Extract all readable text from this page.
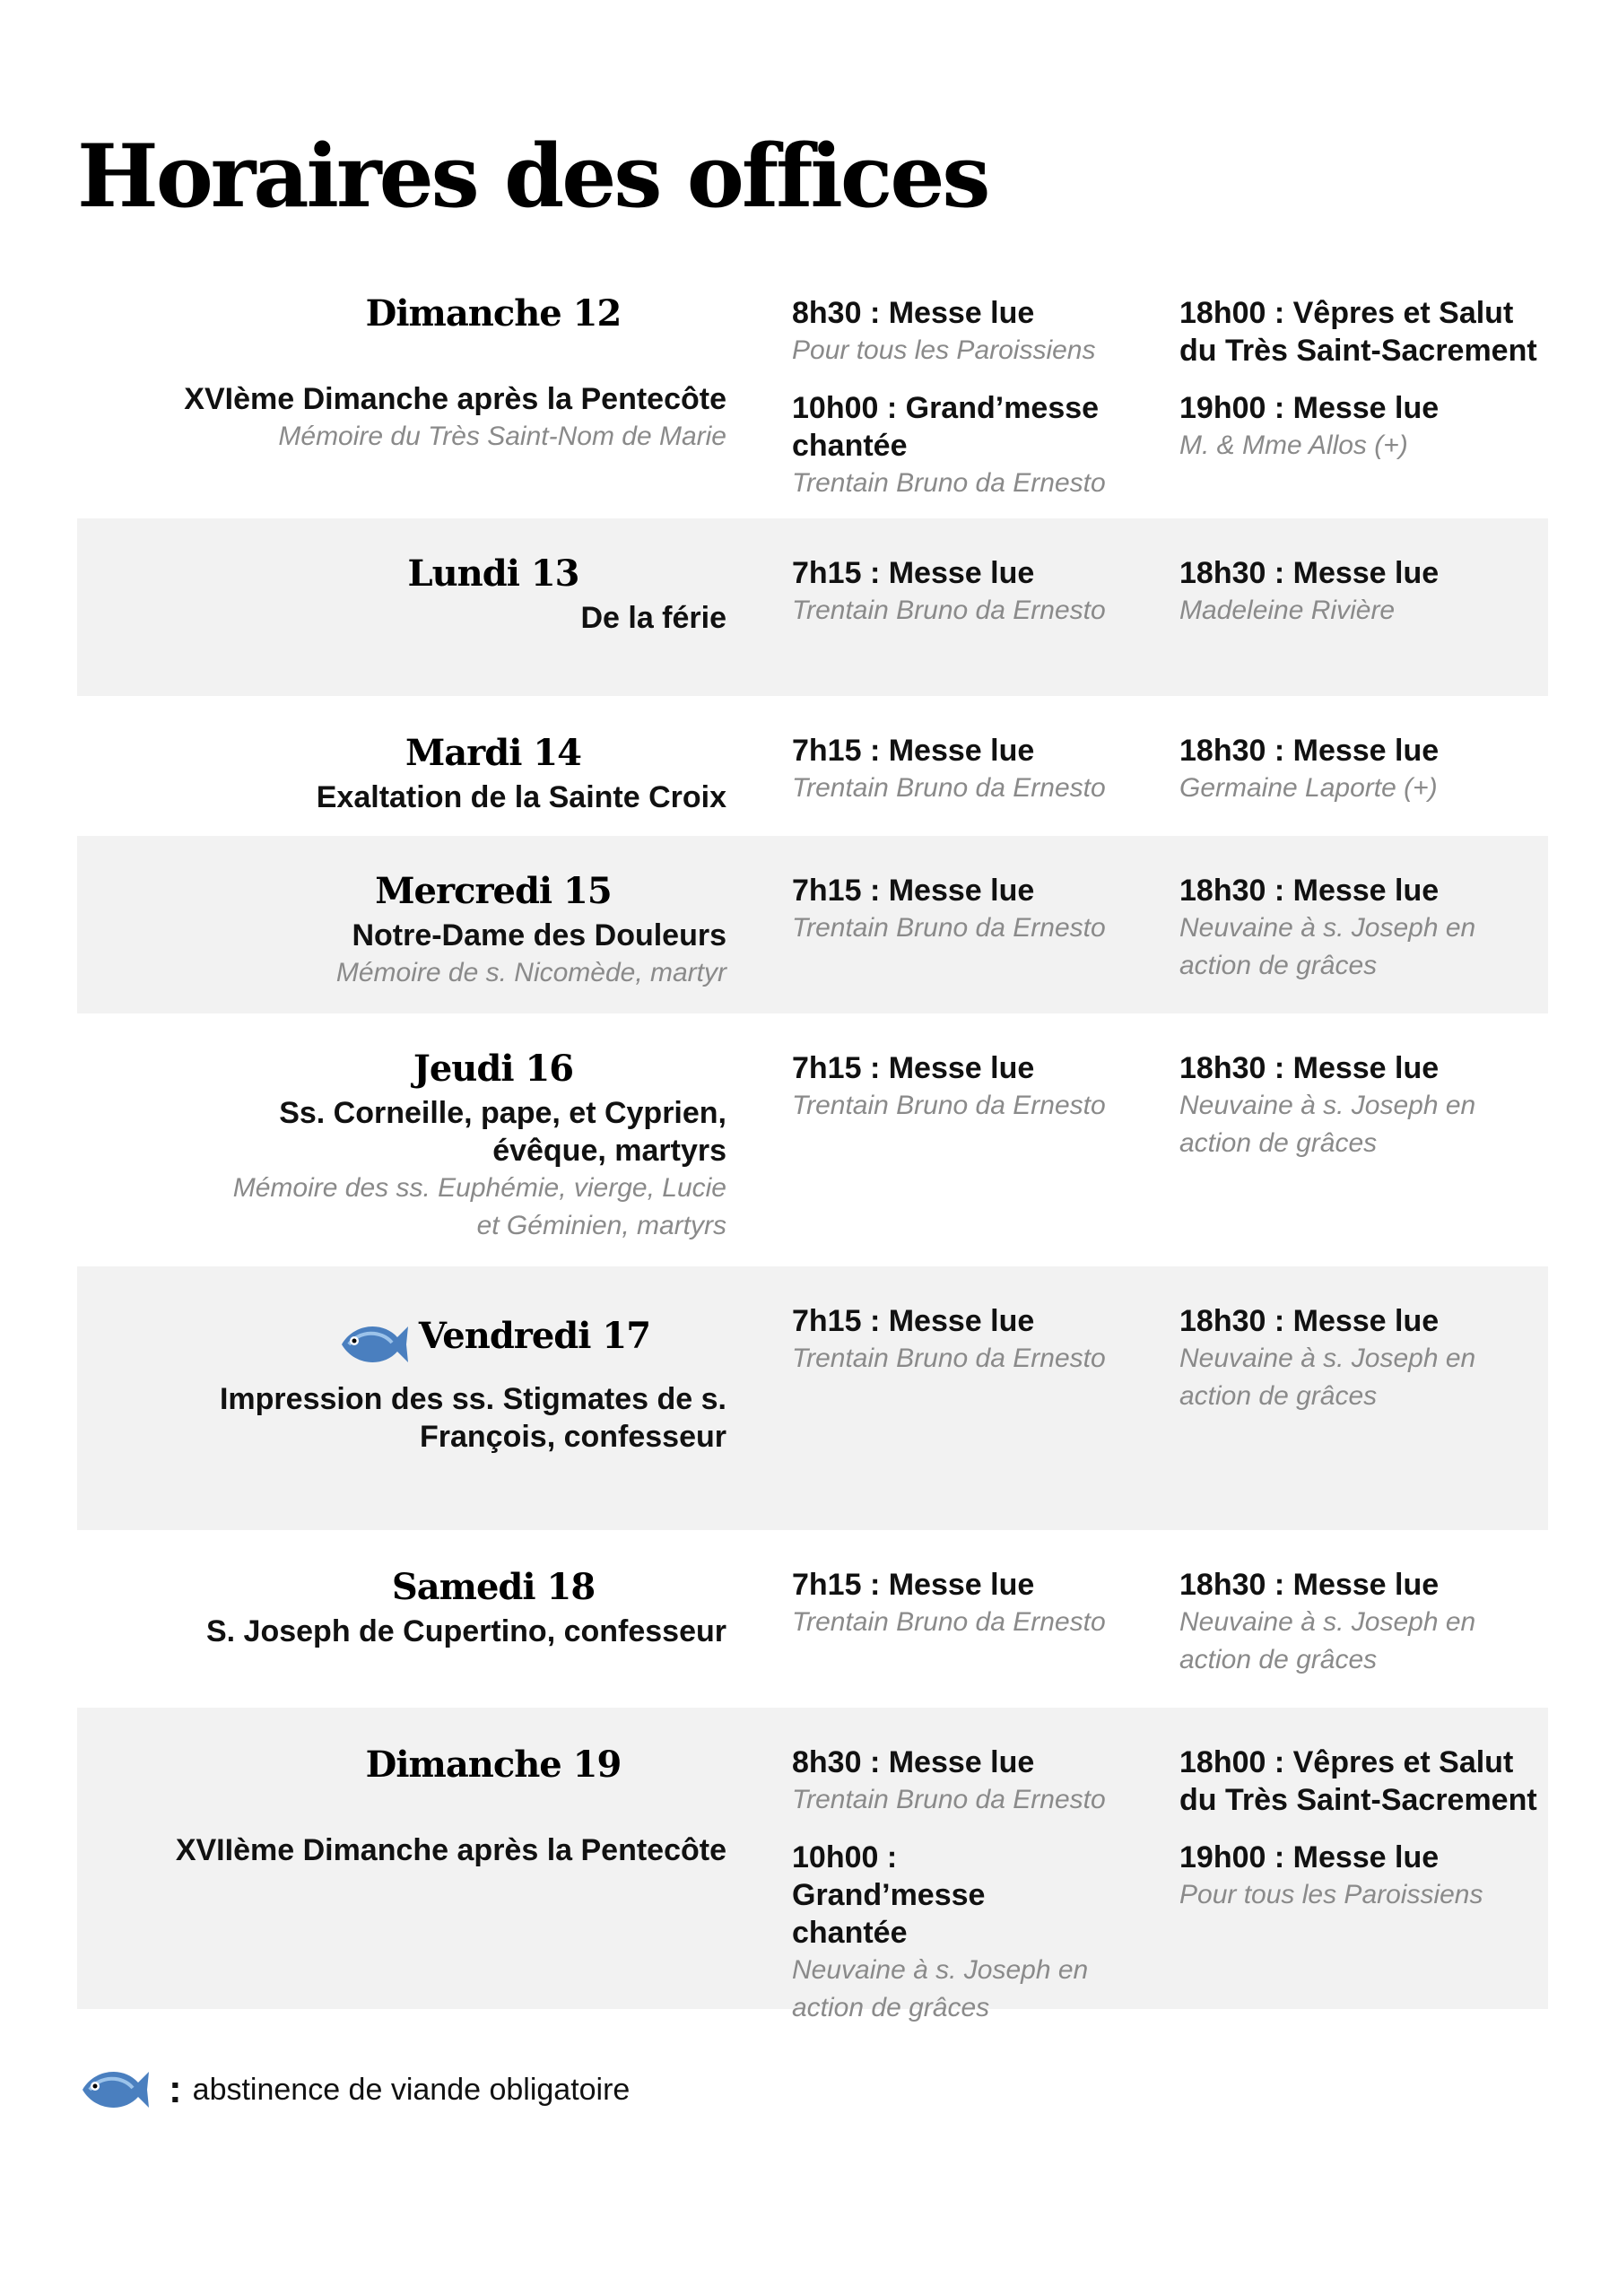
Horaires des offices

Dimanche 12

XVIème Dimanche après la Pentecôte
Mémoire du Très Saint-Nom de Marie
8h30 : Messe lue
Pour tous les Paroissiens
10h00 : Grand’messe chantée
Trentain Bruno da Ernesto
18h00 : Vêpres et Salut du Très Saint-Sacrement
19h00 : Messe lue
M. & Mme Allos (+)

Lundi 13

De la férie
7h15 : Messe lue
Trentain Bruno da Ernesto
18h30 : Messe lue
Madeleine Rivière

Mardi 14

Exaltation de la Sainte Croix
7h15 : Messe lue
Trentain Bruno da Ernesto
18h30 : Messe lue
Germaine Laporte (+)

Mercredi 15

Notre-Dame des Douleurs
Mémoire de s. Nicomède, martyr
7h15 : Messe lue
Trentain Bruno da Ernesto
18h30 : Messe lue
Neuvaine à s. Joseph en action de grâces

Jeudi 16

Ss. Corneille, pape, et Cyprien, évêque, martyrs
Mémoire des ss. Euphémie, vierge, Lucie et Géminien, martyrs
7h15 : Messe lue
Trentain Bruno da Ernesto
18h30 : Messe lue
Neuvaine à s. Joseph en action de grâces
Vendredi 17
Impression des ss. Stigmates de s. François, confesseur
7h15 : Messe lue
Trentain Bruno da Ernesto
18h30 : Messe lue
Neuvaine à s. Joseph en action de grâces

Samedi 18

S. Joseph de Cupertino, confesseur
7h15 : Messe lue
Trentain Bruno da Ernesto
18h30 : Messe lue
Neuvaine à s. Joseph en action de grâces

Dimanche 19

XVIIème Dimanche après la Pentecôte
8h30 : Messe lue
Trentain Bruno da Ernesto
10h00 : Grand’messe chantée
Neuvaine à s. Joseph en action de grâces
18h00 : Vêpres et Salut du Très Saint-Sacrement
19h00 : Messe lue
Pour tous les Paroissiens
: abstinence de viande obligatoire
